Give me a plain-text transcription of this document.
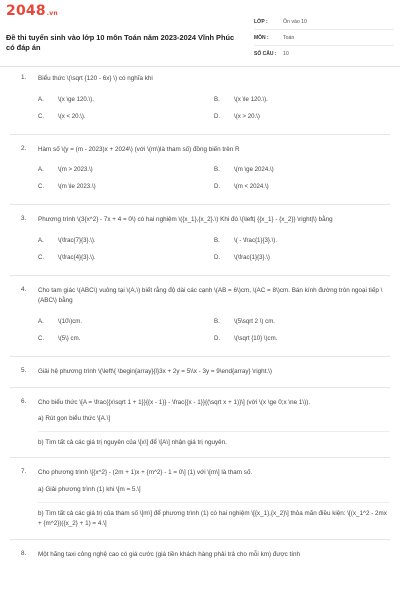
2048.vn
Đề thi tuyển sinh vào lớp 10 môn Toán năm 2023-2024 Vĩnh Phúc có đáp án
LỚP :	Ôn vào 10
MÔN :	Toán
SỐ CÂU :	10
1. Biểu thức \(\sqrt {120 - 6x} \) có nghĩa khi
A.	\(x \ge 120.\).	B.	\(x \le 120.\).
C.	\(x < 20.\).	D.	\(x > 20.\)
2. Hàm số \(y = (m - 2023)x + 2024\) (với \(m\)là tham số) đồng biến trên R
A.	\(m > 2023.\)	B.	\(m \ge 2024.\)
C.	\(m \le 2023.\)	D.	\(m < 2024.\)
3. Phương trình \(3{x^2} - 7x + 4 = 0\) có hai nghiệm \({x_1},{x_2}.\) Khi đó \(\left| {{x_1} - {x_2}} \right|\) bằng
A.	\(\frac{7}{3}.\).	B.	\( - \frac{1}{3}.\).
C.	\(\frac{4}{3}.\).	D.	\(\frac{1}{3}.\)
4. Cho tam giác \(ABC\) vuông tại \(A,\) biết rằng độ dài các cạnh \(AB = 6\)cm, \(AC = 8\)cm. Bán kính đường tròn ngoại tiếp \(ABC\) bằng
A.	\(10\)cm.	B.	\(5\sqrt 2 \) cm.
C.	\(5\) cm.	D.	\(\sqrt {10} \)cm.
5. Giải hệ phương trình \(\left\{ \begin{array}{l}3x + 2y = 5\\x - 3y = 9\end{array} \right.\)
6. Cho biểu thức \[A = \frac{{x\sqrt 1 + 1}}{{x - 1}} - \frac{{x - 1}}{(\sqrt x + 1)}\] (với \(x \ge 0;x \ne 1\)).
a) Rút gọn biểu thức \[A.\]
b) Tìm tất cả các giá trị nguyên của \[x\] để \[A\] nhận giá trị nguyên.
7. Cho phương trình \[{x^2} - (2m + 1)x + {m^2} - 1 = 0\] (1) với \[m\] là tham số.
a) Giải phương trình (1) khi \[m = 5.\]
b) Tìm tất cả các giá trị của tham số \[m\] để phương trình (1) có hai nghiệm \[{x_1},{x_2}\] thỏa mãn điều kiện: \[(x_1^2 - 2mx + {m^2})({x_2} + 1) = 4.\]
8. Một hãng taxi công nghệ cao có giá cước (giá tiền khách hàng phải trả cho mỗi km) được tính
